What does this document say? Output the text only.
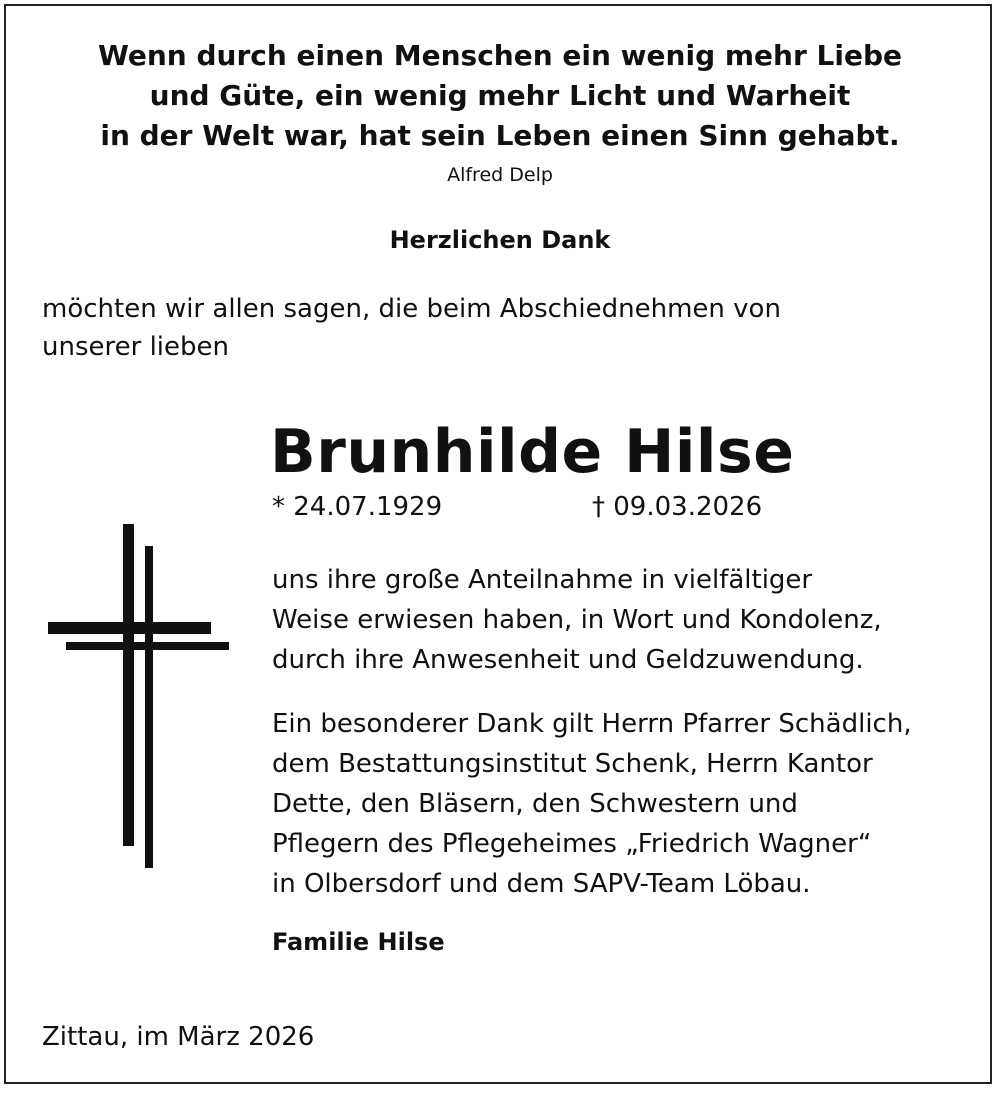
Wenn durch einen Menschen ein wenig mehr Liebe
und Güte, ein wenig mehr Licht und Warheit
in der Welt war, hat sein Leben einen Sinn gehabt.
Alfred Delp
Herzlichen Dank
möchten wir allen sagen, die beim Abschiednehmen von
unserer lieben
Brunhilde Hilse
* 24.07.1929	† 09.03.2026
uns ihre große Anteilnahme in vielfältiger
Weise erwiesen haben, in Wort und Kondolenz,
durch ihre Anwesenheit und Geldzuwendung.
Ein besonderer Dank gilt Herrn Pfarrer Schädlich,
dem Bestattungsinstitut Schenk, Herrn Kantor
Dette, den Bläsern, den Schwestern und
Pflegern des Pflegeheimes „Friedrich Wagner“
in Olbersdorf und dem SAPV-Team Löbau.
Familie Hilse
Zittau, im März 2026
